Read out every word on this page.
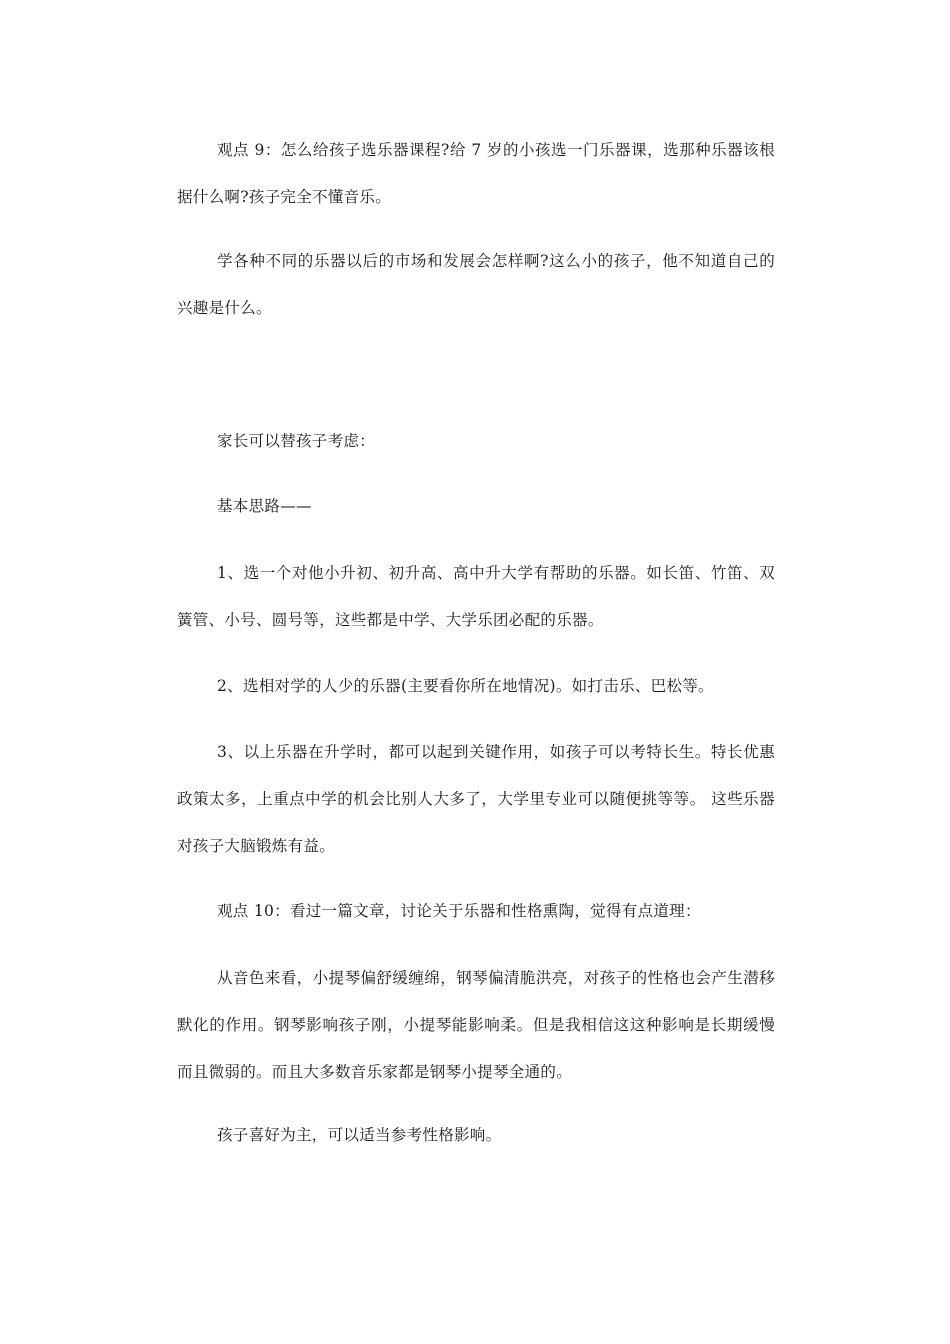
观点 9：怎么给孩子选乐器课程?给 7 岁的小孩选一门乐器课，选那种乐器该根据什么啊?孩子完全不懂音乐。

学各种不同的乐器以后的市场和发展会怎样啊?这么小的孩子，他不知道自己的兴趣是什么。

家长可以替孩子考虑：

基本思路——

1、选一个对他小升初、初升高、高中升大学有帮助的乐器。如长笛、竹笛、双簧管、小号、圆号等，这些都是中学、大学乐团必配的乐器。

2、选相对学的人少的乐器(主要看你所在地情况)。如打击乐、巴松等。

3、以上乐器在升学时，都可以起到关键作用，如孩子可以考特长生。特长优惠政策太多，上重点中学的机会比别人大多了，大学里专业可以随便挑等等。 这些乐器对孩子大脑锻炼有益。

观点 10：看过一篇文章，讨论关于乐器和性格熏陶，觉得有点道理：

从音色来看，小提琴偏舒缓缠绵，钢琴偏清脆洪亮，对孩子的性格也会产生潜移默化的作用。钢琴影响孩子刚，小提琴能影响柔。但是我相信这这种影响是长期缓慢而且微弱的。而且大多数音乐家都是钢琴小提琴全通的。

孩子喜好为主，可以适当参考性格影响。
